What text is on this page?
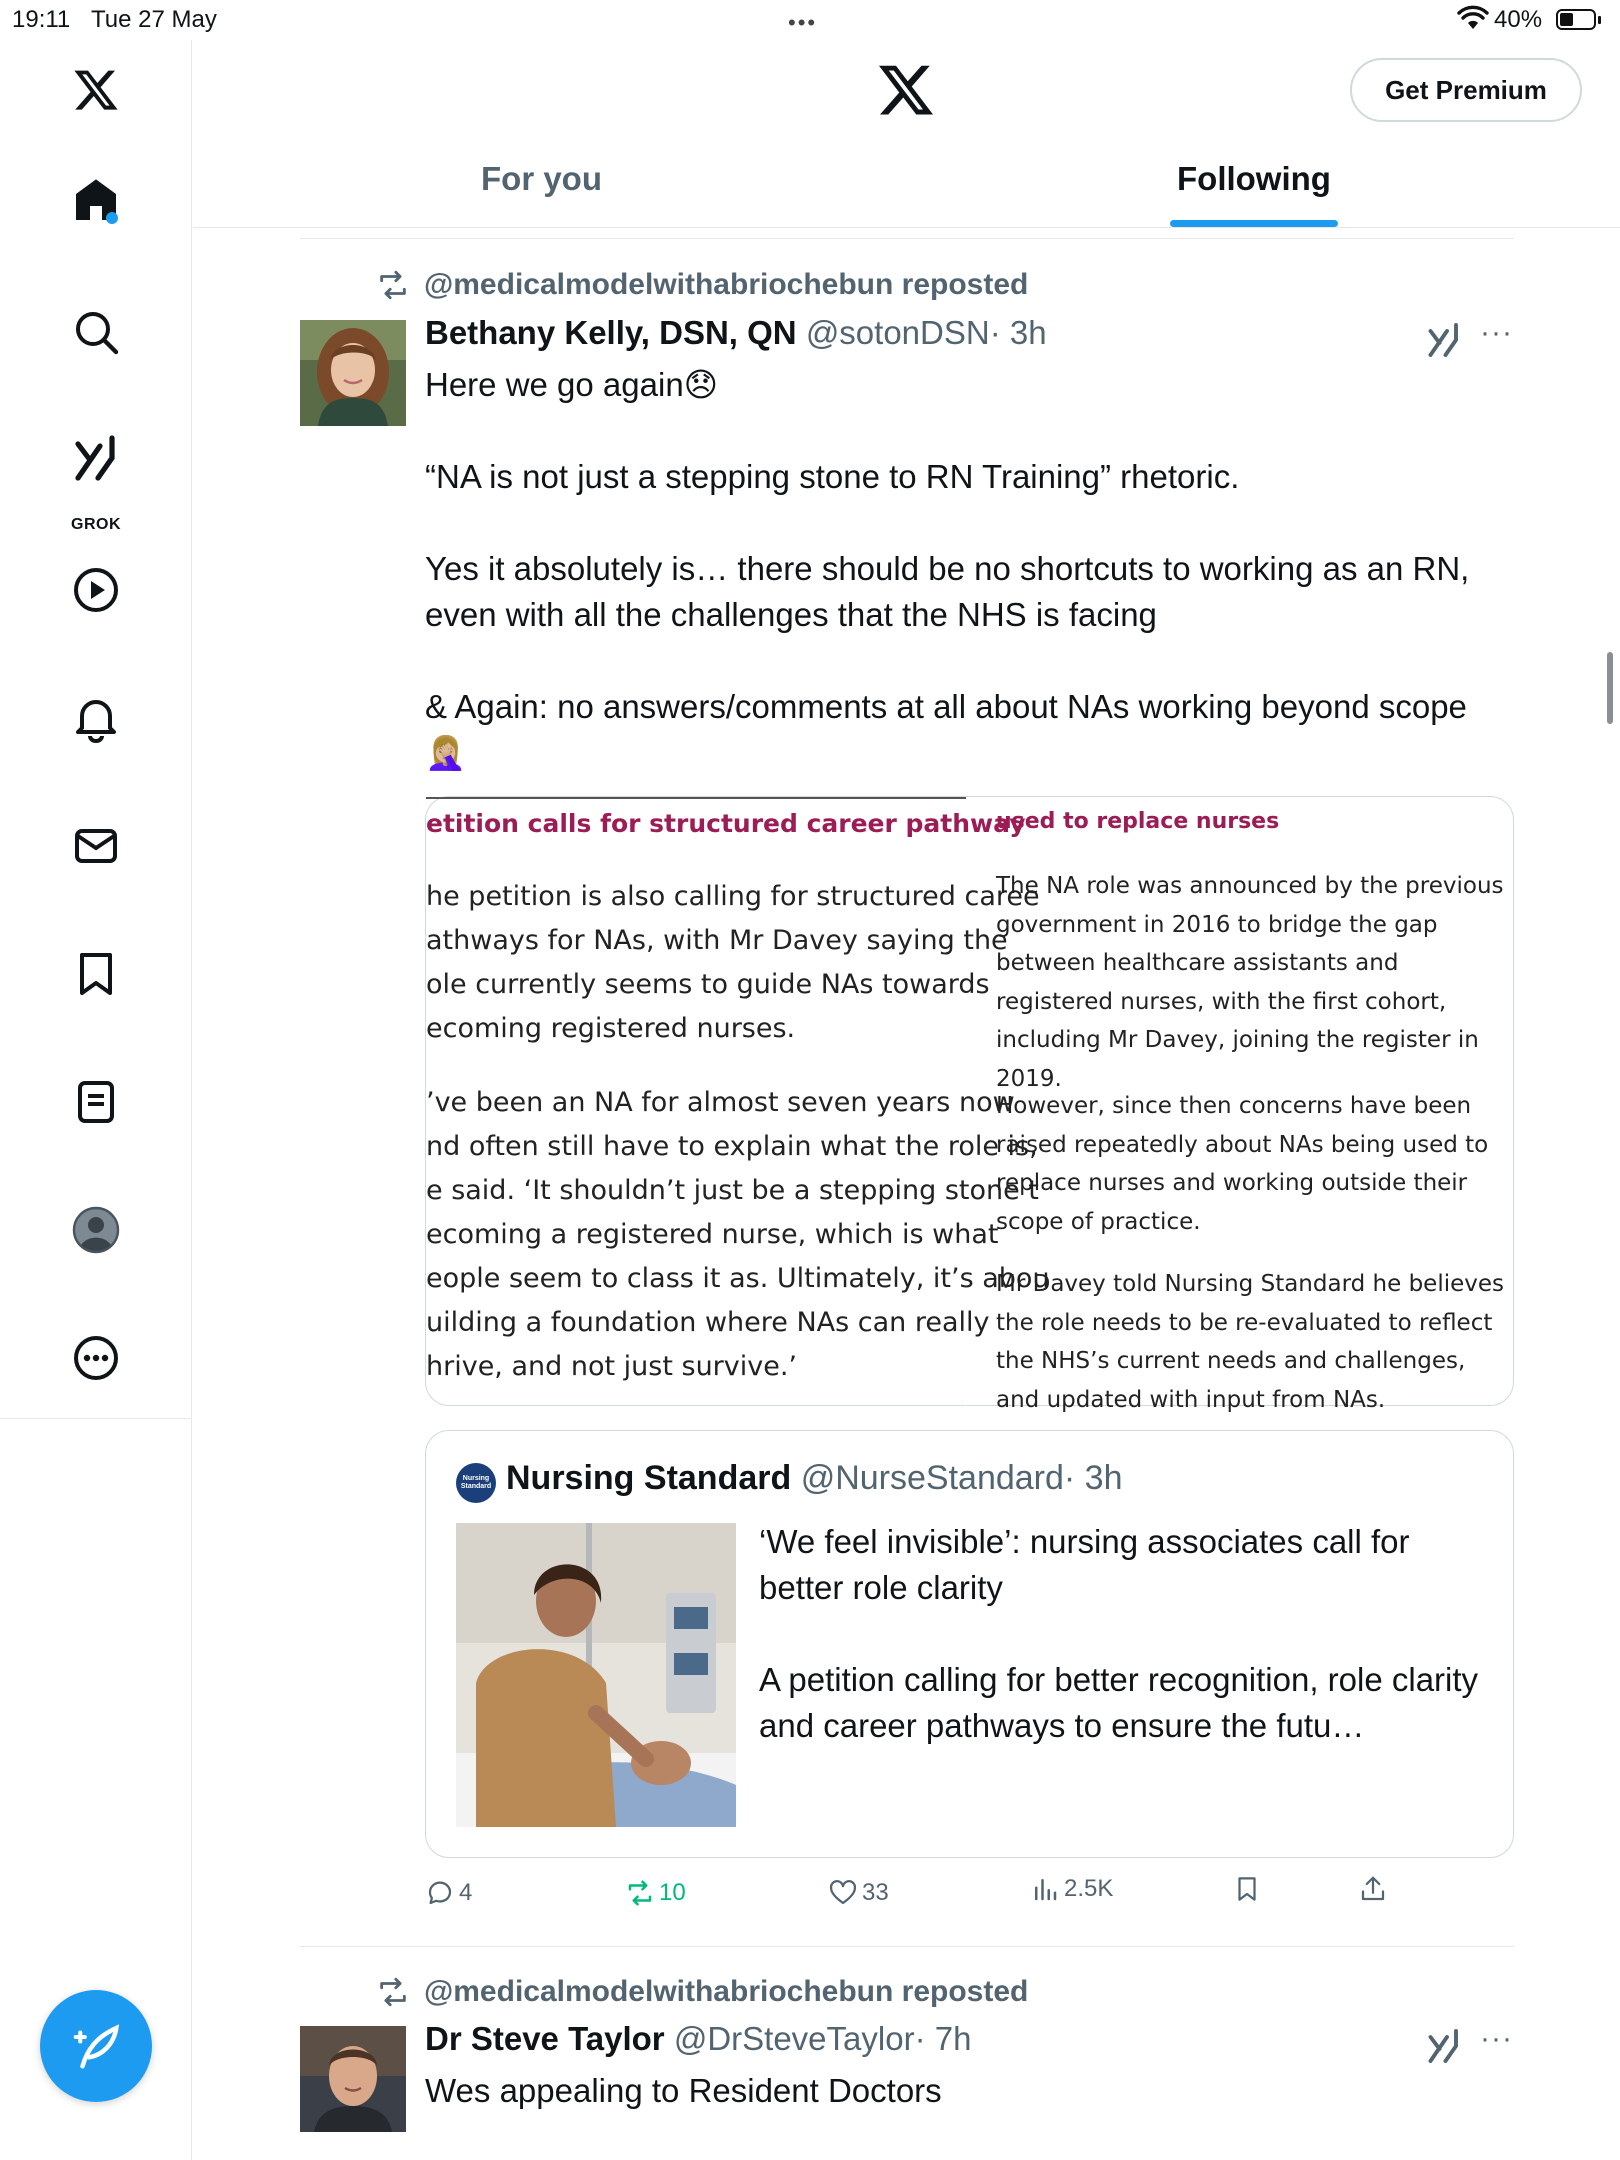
19:11 Tue 27 May	•••	40%
GROK
Get Premium
For you	Following
@medicalmodelwithabriochebun reposted
Bethany Kelly, DSN, QN @sotonDSN· 3h	···

Here we go again😞

“NA is not just a stepping stone to RN Training” rhetoric.

Yes it absolutely is… there should be no shortcuts to working as an RN, even with all the challenges that the NHS is facing

& Again: no answers/comments at all about NAs working beyond scope

🤦🏼‍♀️

etition calls for structured career pathway
he petition is also calling for structured caree
athways for NAs, with Mr Davey saying the
ole currently seems to guide NAs towards
ecoming registered nurses.
’ve been an NA for almost seven years now
nd often still have to explain what the role is,
e said. ‘It shouldn’t just be a stepping stone t
ecoming a registered nurse, which is what
eople seem to class it as. Ultimately, it’s abou
uilding a foundation where NAs can really
hrive, and not just survive.’
used to replace nurses
The NA role was announced by the previous government in 2016 to bridge the gap between healthcare assistants and registered nurses, with the first cohort, including Mr Davey, joining the register in 2019.
However, since then concerns have been raised repeatedly about NAs being used to replace nurses and working outside their scope of practice.
Mr Davey told Nursing Standard he believes the role needs to be re-evaluated to reflect the NHS’s current needs and challenges, and updated with input from NAs.
Nursing Standard Nursing Standard @NurseStandard· 3h
‘We feel invisible’: nursing associates call for better role clarity
A petition calling for better recognition, role clarity and career pathways to ensure the futu…
4	10	33	2.5K
@medicalmodelwithabriochebun reposted
Dr Steve Taylor @DrSteveTaylor· 7h	···

Wes appealing to Resident Doctors
